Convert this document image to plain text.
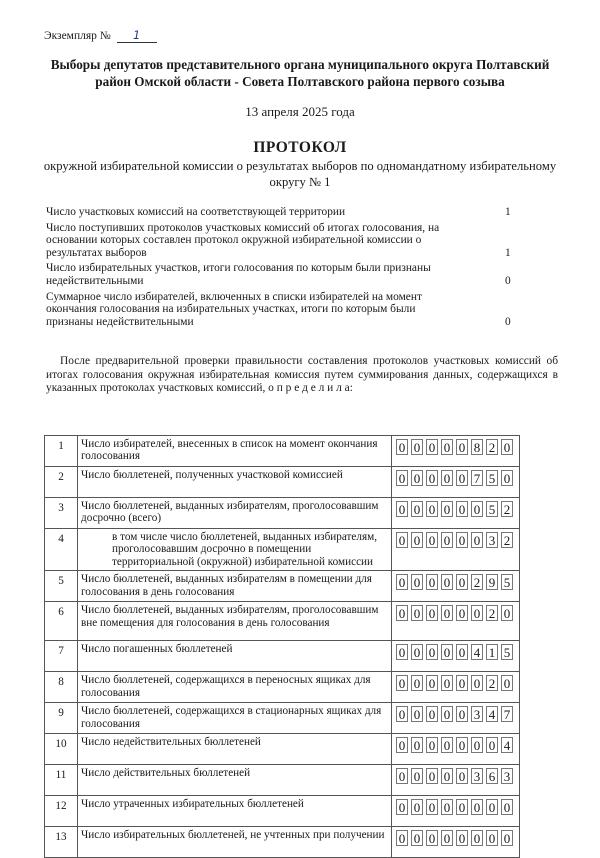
Экземпляр № 1
Выборы депутатов представительного органа муниципального округа Полтавский район Омской области - Совета Полтавского района первого созыва
13 апреля 2025 года
ПРОТОКОЛ
окружной избирательной комиссии о результатах выборов по одномандатному избирательному округу № 1
Число участковых комиссий на соответствующей территории	1
Число поступивших протоколов участковых комиссий об итогах голосования, на основании которых составлен протокол окружной избирательной комиссии о результатах выборов	1
Число избирательных участков, итоги голосования по которым были признаны недействительными	0
Суммарное число избирателей, включенных в списки избирателей на момент окончания голосования на избирательных участках, итоги по которым были признаны недействительными	0
После предварительной проверки правильности составления протоколов участковых комиссий об итогах голосования окружная избирательная комиссия путем суммирования данных, содержащихся в указанных протоколах участковых комиссий, о п р е д е л и л а:
1	Число избирателей, внесенных в список на момент окончания голосования	0 0 0 0 0 8 2 0
2	Число бюллетеней, полученных участковой комиссией	0 0 0 0 0 7 5 0
3	Число бюллетеней, выданных избирателям, проголосовавшим досрочно (всего)	0 0 0 0 0 0 5 2
4	в том числе число бюллетеней, выданных избирателям, проголосовавшим досрочно в помещении территориальной (окружной) избирательной комиссии	0 0 0 0 0 0 3 2
5	Число бюллетеней, выданных избирателям в помещении для голосования в день голосования	0 0 0 0 0 2 9 5
6	Число бюллетеней, выданных избирателям, проголосовавшим вне помещения для голосования в день голосования	0 0 0 0 0 0 2 0
7	Число погашенных бюллетеней	0 0 0 0 0 4 1 5
8	Число бюллетеней, содержащихся в переносных ящиках для голосования	0 0 0 0 0 0 2 0
9	Число бюллетеней, содержащихся в стационарных ящиках для голосования	0 0 0 0 0 3 4 7
10	Число недействительных бюллетеней	0 0 0 0 0 0 0 4
11	Число действительных бюллетеней	0 0 0 0 0 3 6 3
12	Число утраченных избирательных бюллетеней	0 0 0 0 0 0 0 0
13	Число избирательных бюллетеней, не учтенных при получении	0 0 0 0 0 0 0 0
